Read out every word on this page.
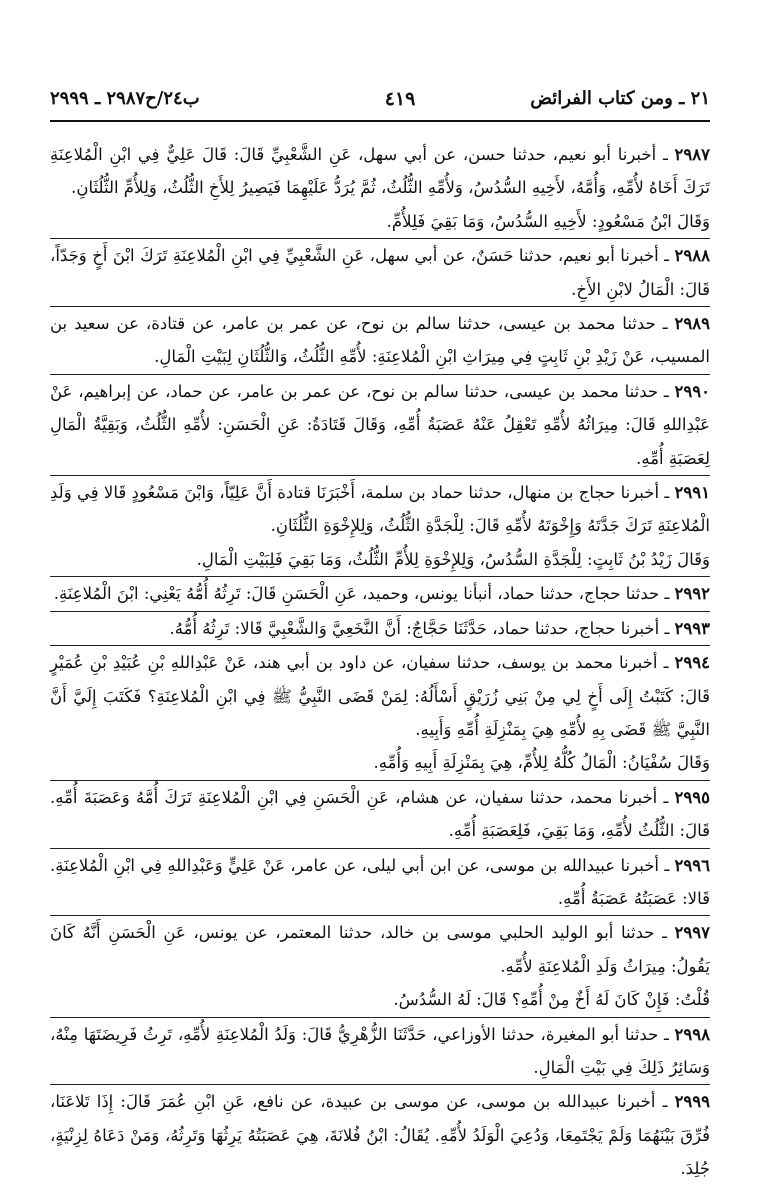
٢١ ـ ومن كتاب الفرائض
٤١٩
ب٢٤/ح٢٩٨٧ ـ ٢٩٩٩

٢٩٨٧ ـ أخبرنا أبو نعيم، حدثنا حسن، عن أبي سهل، عَنِ الشَّعْبِيِّ قَالَ: قَالَ عَلِيٌّ فِي ابْنِ الْمُلاعِنَةِ تَرَكَ أَخَاهُ لأُمِّهِ، وَأُمَّهُ، لأَخِيهِ السُّدُسُ، وَلأُمِّهِ الثُّلُثُ، ثُمَّ يُرَدُّ عَلَيْهِمَا فَيَصِيرُ لِلأَخِ الثُّلُثُ، وَلِلأُمِّ الثُّلُثَانِ.

وَقَالَ ابْنُ مَسْعُودٍ: لأَخِيهِ السُّدُسُ، وَمَا بَقِيَ فَلِلأُمِّ.

٢٩٨٨ ـ أخبرنا أبو نعيم، حدثنا حَسَنٌ، عن أبي سهل، عَنِ الشَّعْبِيِّ فِي ابْنِ الْمُلاعِنَةِ تَرَكَ ابْنَ أَخٍ وَجَدّاً، قَالَ: الْمَالُ لابْنِ الأَخِ.

٢٩٨٩ ـ حدثنا محمد بن عيسى، حدثنا سالم بن نوح، عن عمر بن عامر، عن قتادة، عن سعيد بن المسيب، عَنْ زَيْدِ بْنِ ثَابِتٍ فِي مِيرَاثِ ابْنِ الْمُلاعِنَةِ: لأُمِّهِ الثُّلُثُ، وَالثُّلُثَانِ لِبَيْتِ الْمَالِ.

٢٩٩٠ ـ حدثنا محمد بن عيسى، حدثنا سالم بن نوح، عن عمر بن عامر، عن حماد، عن إبراهيم، عَنْ عَبْدِاللهِ قَالَ: مِيرَاثُهُ لأُمِّهِ تَعْقِلُ عَنْهُ عَصَبَةُ أُمِّهِ، وَقَالَ قَتَادَةُ: عَنِ الْحَسَنِ: لأُمِّهِ الثُّلُثُ، وَبَقِيَّةُ الْمَالِ لِعَصَبَةِ أُمِّهِ.

٢٩٩١ ـ أخبرنا حجاج بن منهال، حدثنا حماد بن سلمة، أَخْبَرَنَا قتادة أَنَّ عَلِيّاً، وَابْنَ مَسْعُودٍ قَالا فِي وَلَدِ الْمُلاعِنَةِ تَرَكَ جَدَّتَهُ وَإِخْوَتَهُ لأُمِّهِ قَالَ: لِلْجَدَّةِ الثُّلُثُ، وَلِلإِخْوَةِ الثُّلُثَانِ.

وَقَالَ زَيْدُ بْنُ ثَابِتٍ: لِلْجَدَّةِ السُّدُسُ، وَلِلإِخْوَةِ لِلأُمِّ الثُّلُثُ، وَمَا بَقِيَ فَلِبَيْتِ الْمَالِ.

٢٩٩٢ ـ حدثنا حجاج، حدثنا حماد، أنبأنا يونس، وحميد، عَنِ الْحَسَنِ قَالَ: تَرِثُهُ أُمُّهُ يَعْنِي: ابْنَ الْمُلاعِنَةِ.

٢٩٩٣ ـ أخبرنا حجاج، حدثنا حماد، حَدَّثَنَا حَجَّاجٌ: أَنَّ النَّخَعِيَّ وَالشَّعْبِيَّ قَالا: تَرِثُهُ أُمُّهُ.

٢٩٩٤ ـ أخبرنا محمد بن يوسف، حدثنا سفيان، عن داود بن أبي هند، عَنْ عَبْدِاللهِ بْنِ عُبَيْدِ بْنِ عُمَيْرٍ قَالَ: كَتَبْتُ إِلَى أَخٍ لِي مِنْ بَنِي زُرَيْقٍ أَسْأَلُهُ: لِمَنْ قَضَى النَّبِيُّ ﷺ فِي ابْنِ الْمُلاعِنَةِ؟ فَكَتَبَ إِلَيَّ أَنَّ النَّبِيَّ ﷺ قَضَى بِهِ لأُمِّهِ هِيَ بِمَنْزِلَةِ أُمِّهِ وَأَبِيهِ.

وَقَالَ سُفْيَانُ: الْمَالُ كُلُّهُ لِلأُمِّ، هِيَ بِمَنْزِلَةِ أَبِيهِ وَأُمِّهِ.

٢٩٩٥ ـ أخبرنا محمد، حدثنا سفيان، عن هشام، عَنِ الْحَسَنِ فِي ابْنِ الْمُلاعِنَةِ تَرَكَ أُمَّهُ وَعَصَبَةَ أُمِّهِ. قَالَ: الثُّلُثُ لأُمِّهِ، وَمَا بَقِيَ، فَلِعَصَبَةِ أُمِّهِ.

٢٩٩٦ ـ أخبرنا عبيدالله بن موسى، عن ابن أبي ليلى، عن عامر، عَنْ عَلِيٍّ وَعَبْدِاللهِ فِي ابْنِ الْمُلاعِنَةِ. قَالا: عَصَبَتُهُ عَصَبَةُ أُمِّهِ.

٢٩٩٧ ـ حدثنا أبو الوليد الحلبي موسى بن خالد، حدثنا المعتمر، عن يونس، عَنِ الْحَسَنِ أَنَّهُ كَانَ يَقُولُ: مِيرَاثُ وَلَدِ الْمُلاعِنَةِ لأُمِّهِ.

قُلْتُ: فَإِنْ كَانَ لَهُ أَخٌ مِنْ أُمِّهِ؟ قَالَ: لَهُ السُّدُسُ.

٢٩٩٨ ـ حدثنا أبو المغيرة، حدثنا الأوزاعي، حَدَّثَنَا الزُّهْرِيُّ قَالَ: وَلَدُ الْمُلاعِنَةِ لأُمِّهِ، تَرِثُ فَرِيضَتَهَا مِنْهُ، وَسَائِرُ ذَلِكَ فِي بَيْتِ الْمَالِ.

٢٩٩٩ ـ أخبرنا عبيدالله بن موسى، عن موسى بن عبيدة، عن نافع، عَنِ ابْنِ عُمَرَ قَالَ: إِذَا تَلاعَنَا، فُرِّقَ بَيْنَهُمَا وَلَمْ يَجْتَمِعَا، وَدُعِيَ الْوَلَدُ لأُمِّهِ. يُقَالُ: ابْنُ فُلانَةَ، هِيَ عَصَبَتُهُ يَرِثُهَا وَتَرِثُهُ، وَمَنْ دَعَاهُ لِزِنْيَةٍ، جُلِدَ.
